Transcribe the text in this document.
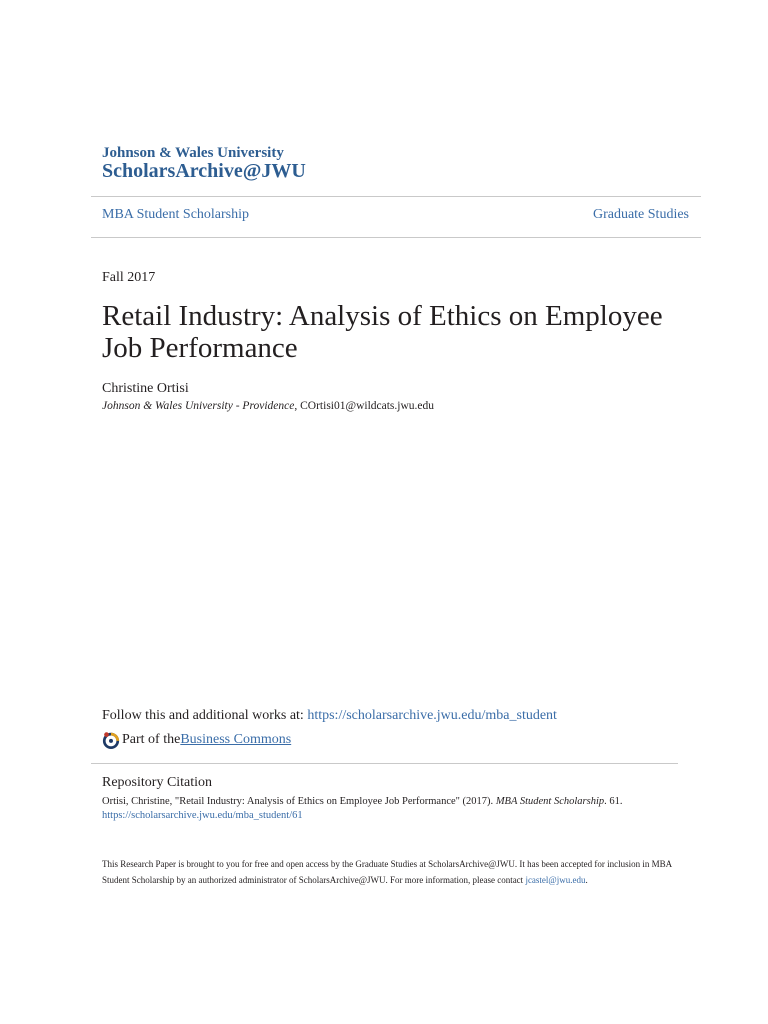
Johnson & Wales University
ScholarsArchive@JWU
MBA Student Scholarship	Graduate Studies
Fall 2017
Retail Industry: Analysis of Ethics on Employee Job Performance
Christine Ortisi
Johnson & Wales University - Providence, COrtisi01@wildcats.jwu.edu
Follow this and additional works at: https://scholarsarchive.jwu.edu/mba_student
Part of the Business Commons
Repository Citation
Ortisi, Christine, "Retail Industry: Analysis of Ethics on Employee Job Performance" (2017). MBA Student Scholarship. 61.
https://scholarsarchive.jwu.edu/mba_student/61
This Research Paper is brought to you for free and open access by the Graduate Studies at ScholarsArchive@JWU. It has been accepted for inclusion in MBA Student Scholarship by an authorized administrator of ScholarsArchive@JWU. For more information, please contact jcastel@jwu.edu.
